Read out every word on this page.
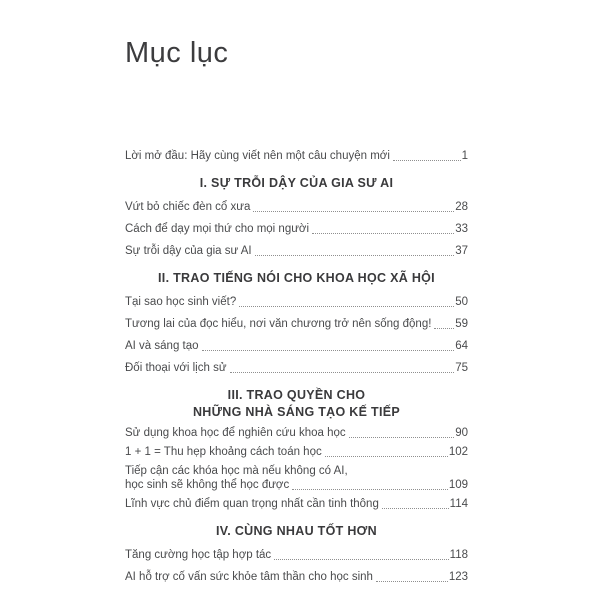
Mục lục
Lời mở đầu: Hãy cùng viết nên một câu chuyện mới	1
I. SỰ TRỖI DẬY CỦA GIA SƯ AI
Vứt bỏ chiếc đèn cổ xưa	28
Cách để dạy mọi thứ cho mọi người	33
Sự trỗi dậy của gia sư AI	37
II. TRAO TIẾNG NÓI CHO KHOA HỌC XÃ HỘI
Tại sao học sinh viết?	50
Tương lai của đọc hiểu, nơi văn chương trở nên sống động! 59
AI và sáng tạo	64
Đối thoại với lịch sử	75
III. TRAO QUYỀN CHO
NHỮNG NHÀ SÁNG TẠO KẾ TIẾP
Sử dụng khoa học để nghiên cứu khoa học	90
1 + 1 = Thu hẹp khoảng cách toán học	102
Tiếp cận các khóa học mà nếu không có AI,
học sinh sẽ không thể học được	109
Lĩnh vực chủ điểm quan trọng nhất cần tinh thông	114
IV. CÙNG NHAU TỐT HƠN
Tăng cường học tập hợp tác	118
AI hỗ trợ cố vấn sức khỏe tâm thần cho học sinh	123
